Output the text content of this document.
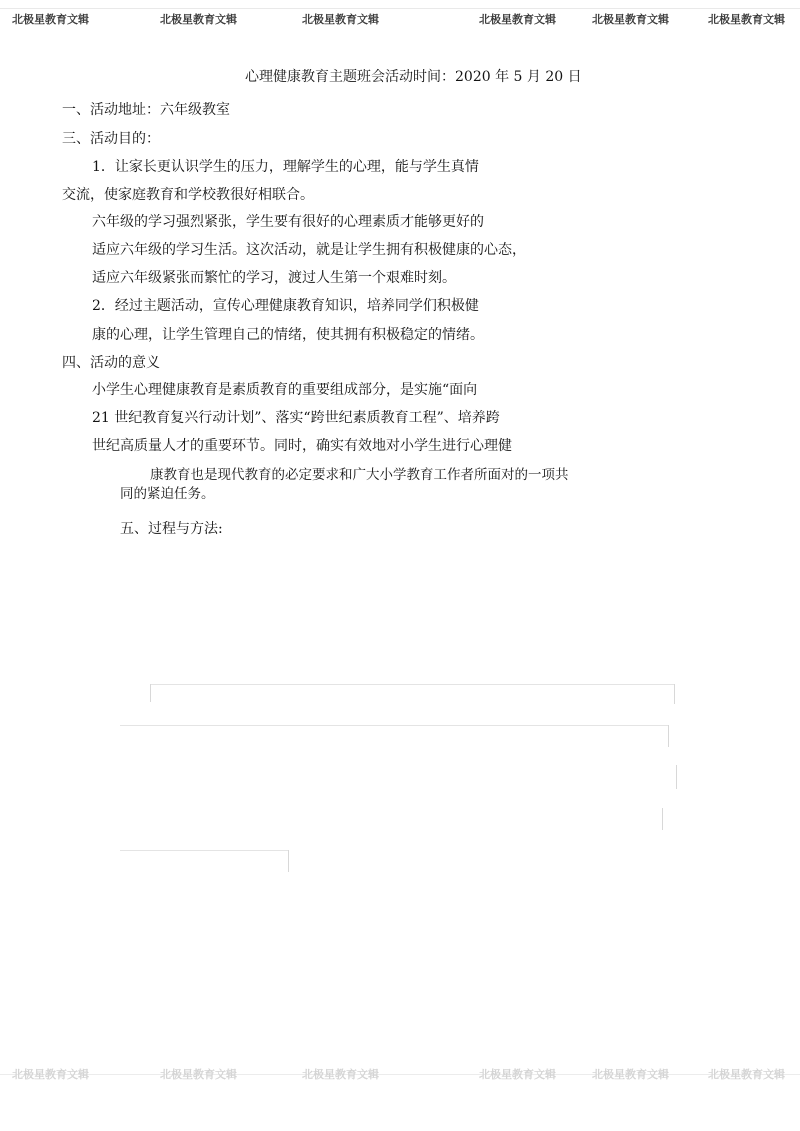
北极星教育文辑	北极星教育文辑	北极星教育文辑	北极星教育文辑	北极星教育文辑	北极星教育文辑
心理健康教育主题班会活动时间：2020 年 5 月 20 日
一、活动地址：六年级教室
三、活动目的：
1．让家长更认识学生的压力，理解学生的心理，能与学生真情
交流，使家庭教育和学校教很好相联合。
六年级的学习强烈紧张，学生要有很好的心理素质才能够更好的
适应六年级的学习生活。这次活动，就是让学生拥有积极健康的心态，
适应六年级紧张而繁忙的学习，渡过人生第一个艰难时刻。
2．经过主题活动，宣传心理健康教育知识，培养同学们积极健
康的心理，让学生管理自己的情绪，使其拥有积极稳定的情绪。
四、活动的意义
小学生心理健康教育是素质教育的重要组成部分，是实施“面向
21 世纪教育复兴行动计划”、落实“跨世纪素质教育工程”、培养跨
世纪高质量人才的重要环节。同时，确实有效地对小学生进行心理健
康教育也是现代教育的必定要求和广大小学教育工作者所面对的一项共
同的紧迫任务。
五、过程与方法:
北极星教育文辑	北极星教育文辑	北极星教育文辑	北极星教育文辑	北极星教育文辑	北极星教育文辑
